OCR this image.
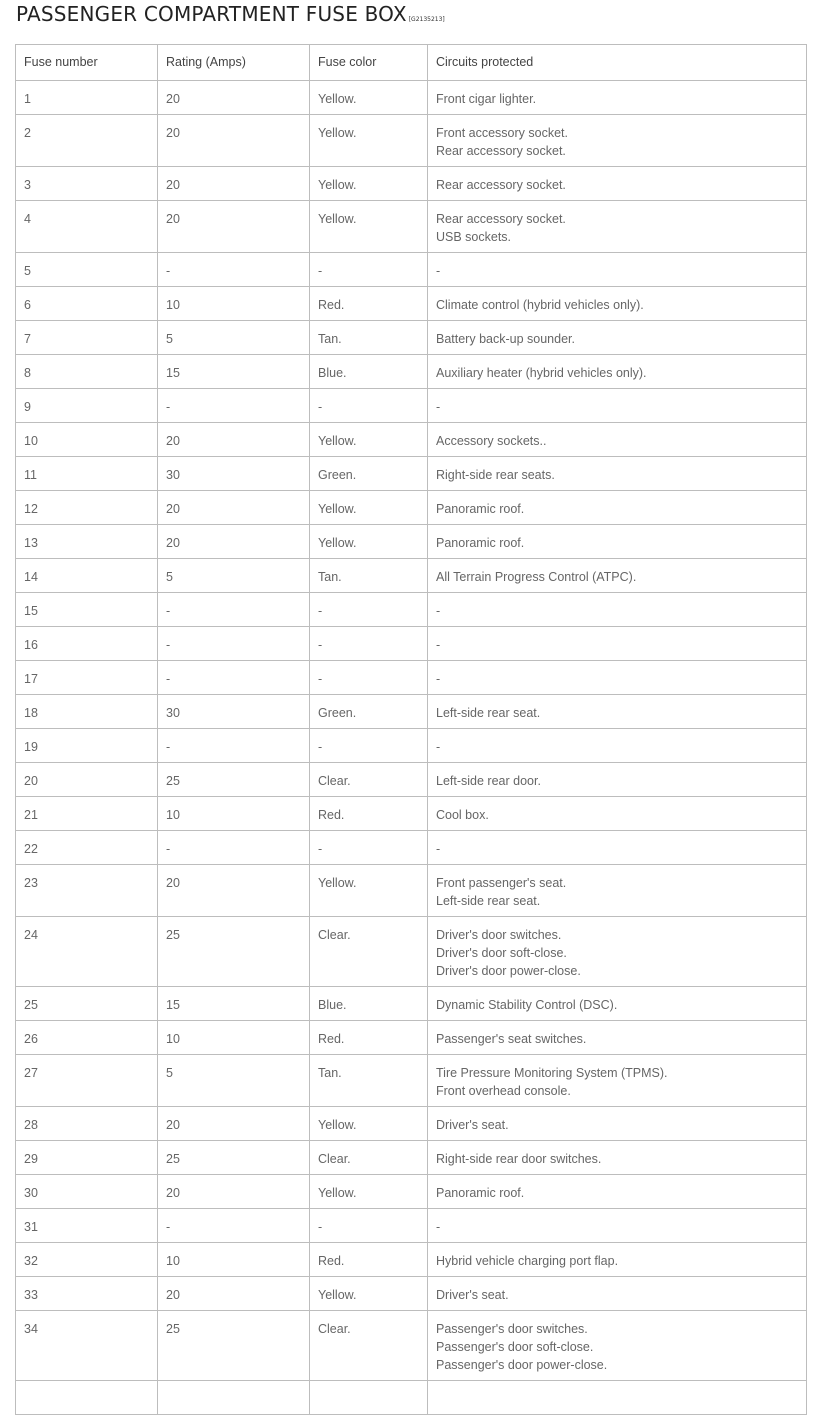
PASSENGER COMPARTMENT FUSE BOX [G2135213]
Fuse number	Rating (Amps)	Fuse color	Circuits protected
1	20	Yellow.	Front cigar lighter.

2	20	Yellow.	Front accessory socket.
Rear accessory socket.

3	20	Yellow.	Rear accessory socket.

4	20	Yellow.	Rear accessory socket.
USB sockets.

5	-	-	-

6	10	Red.	Climate control (hybrid vehicles only).

7	5	Tan.	Battery back-up sounder.

8	15	Blue.	Auxiliary heater (hybrid vehicles only).

9	-	-	-

10	20	Yellow.	Accessory sockets..

11	30	Green.	Right-side rear seats.

12	20	Yellow.	Panoramic roof.

13	20	Yellow.	Panoramic roof.

14	5	Tan.	All Terrain Progress Control (ATPC).

15	-	-	-

16	-	-	-

17	-	-	-

18	30	Green.	Left-side rear seat.

19	-	-	-

20	25	Clear.	Left-side rear door.

21	10	Red.	Cool box.

22	-	-	-

23	20	Yellow.	Front passenger's seat.
Left-side rear seat.

24	25	Clear.	Driver's door switches.
Driver's door soft-close.
Driver's door power-close.

25	15	Blue.	Dynamic Stability Control (DSC).

26	10	Red.	Passenger's seat switches.

27	5	Tan.	Tire Pressure Monitoring System (TPMS).
Front overhead console.

28	20	Yellow.	Driver's seat.

29	25	Clear.	Right-side rear door switches.

30	20	Yellow.	Panoramic roof.

31	-	-	-

32	10	Red.	Hybrid vehicle charging port flap.

33	20	Yellow.	Driver's seat.

34	25	Clear.	Passenger's door switches.
Passenger's door soft-close.
Passenger's door power-close.
